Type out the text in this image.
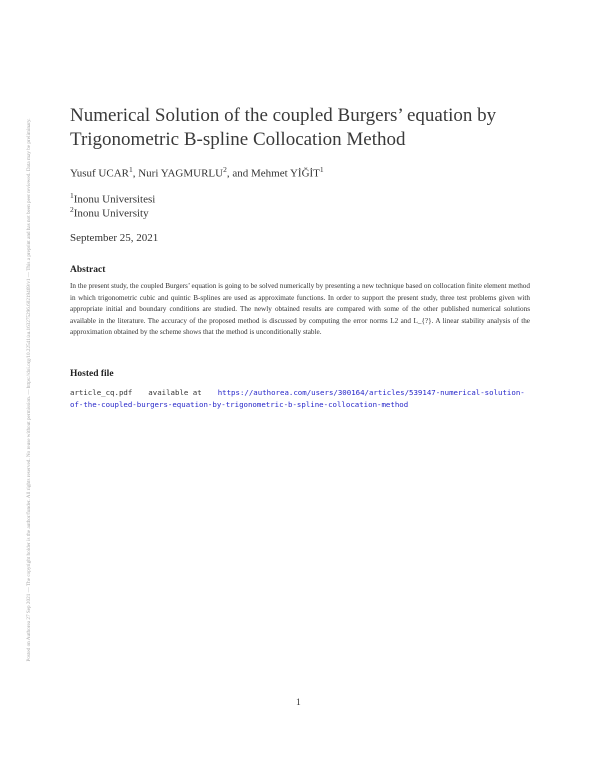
Posted on Authorea 27 Sep 2021 — The copyright holder is the author/funder. All rights reserved. No reuse without permission. — https://doi.org/10.22541/au.163275296.60219469/v1 — This a preprint and has not been peer reviewed. Data may be preliminary.
Numerical Solution of the coupled Burgers’ equation by Trigonometric B-spline Collocation Method
Yusuf UCAR$^1$, Nuri YAGMURLU$^2$, and Mehmet YİĞİT$^1$
$^1$Inonu Universitesi
$^2$Inonu University
September 25, 2021
Abstract

In the present study, the coupled Burgers’ equation is going to be solved numerically by presenting a new technique based on collocation finite element method in which trigonometric cubic and quintic B-splines are used as approximate functions. In order to support the present study, three test problems given with appropriate initial and boundary conditions are studied. The newly obtained results are compared with some of the other published numerical solutions available in the literature. The accuracy of the proposed method is discussed by computing the error norms L2 and L_{?}. A linear stability analysis of the approximation obtained by the scheme shows that the method is unconditionally stable.

Hosted file

article_cq.pdf available at https://authorea.com/users/300164/articles/539147-numerical-solution-of-the-coupled-burgers-equation-by-trigonometric-b-spline-collocation-method

1
